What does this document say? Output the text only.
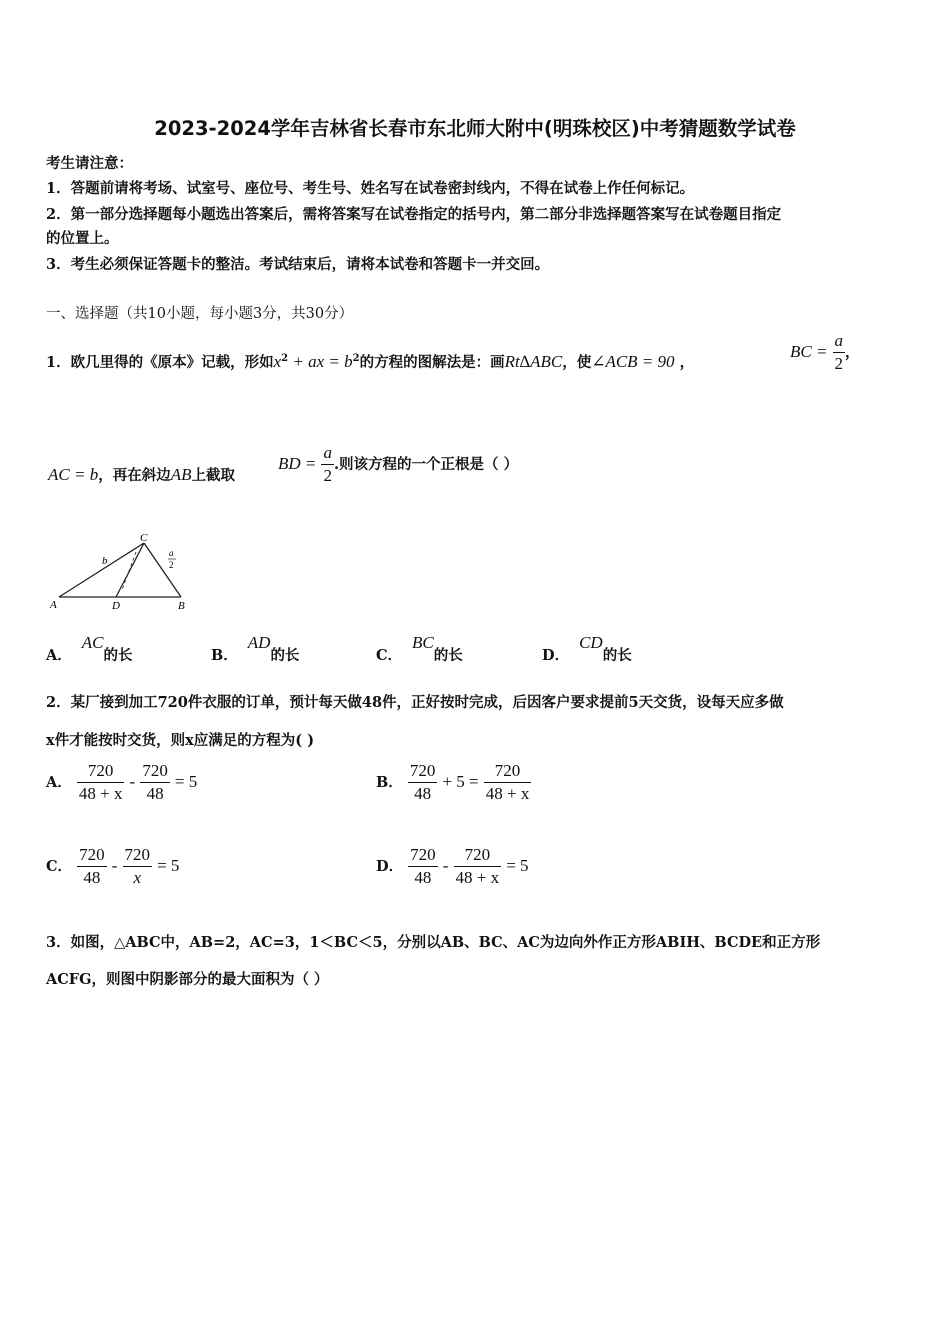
2023-2024学年吉林省长春市东北师大附中(明珠校区)中考猜题数学试卷
考生请注意：
1．答题前请将考场、试室号、座位号、考生号、姓名写在试卷密封线内，不得在试卷上作任何标记。
2．第一部分选择题每小题选出答案后，需将答案写在试卷指定的括号内，第二部分非选择题答案写在试卷题目指定
的位置上。
3．考生必须保证答题卡的整洁。考试结束后，请将本试卷和答题卡一并交回。
一、选择题（共10小题，每小题3分，共30分）
1．欧几里得的《原本》记载，形如$x^2$ + ax = $b^2$的方程的图解法是：画Rt∆ABC，使∠ACB = 90 ，
BC = $\frac{a}{2}$ ，
AC = b，再在斜边AB上截取
BD = $\frac{a}{2}$ .则该方程的一个正根是（ ）
A	D	B
C
b
a
2
A．AC的长	B．AD的长	C．BC的长	D．CD的长
2．某厂接到加工720件衣服的订单，预计每天做48件，正好按时完成，后因客户要求提前5天交货，设每天应多做
x件才能按时交货，则x应满足的方程为( )
A． $\frac{720}{48 + x} - \frac{720}{48} = 5$	B． $\frac{720}{48} + 5 = \frac{720}{48 + x}$
C． $\frac{720}{48} - \frac{720}{x} = 5$	D． $\frac{720}{48} - \frac{720}{48 + x} = 5$
3．如图，△ABC中，AB=2，AC=3，1＜BC＜5，分别以AB、BC、AC为边向外作正方形ABIH、BCDE和正方形
ACFG，则图中阴影部分的最大面积为（ ）
